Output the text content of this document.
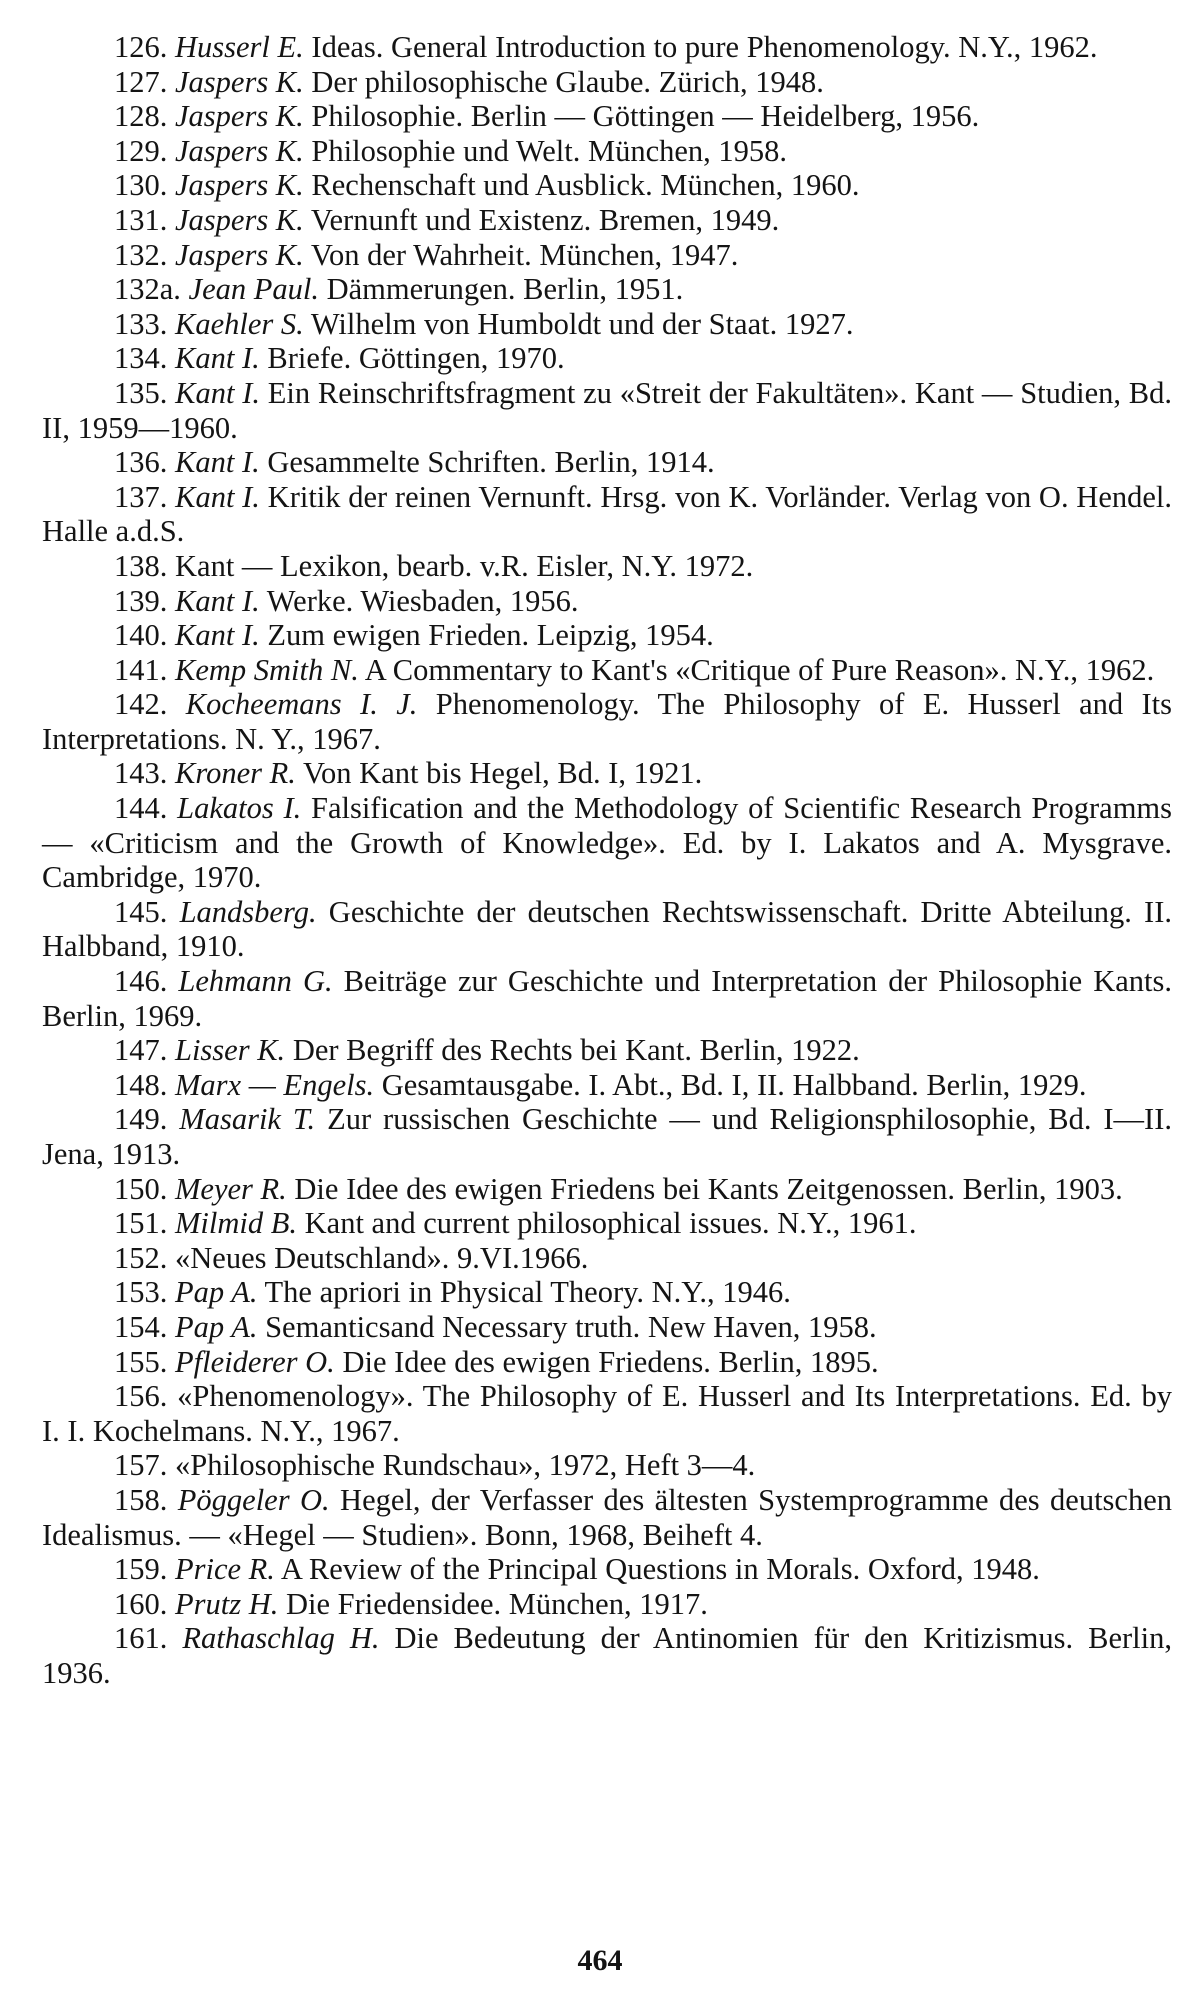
126. Husserl E. Ideas. General Introduction to pure Phenomenology. N.Y., 1962.

127. Jaspers K. Der philosophische Glaube. Zürich, 1948.

128. Jaspers K. Philosophie. Berlin — Göttingen — Heidelberg, 1956.

129. Jaspers K. Philosophie und Welt. München, 1958.

130. Jaspers K. Rechenschaft und Ausblick. München, 1960.

131. Jaspers K. Vernunft und Existenz. Bremen, 1949.

132. Jaspers K. Von der Wahrheit. München, 1947.

132a. Jean Paul. Dämmerungen. Berlin, 1951.

133. Kaehler S. Wilhelm von Humboldt und der Staat. 1927.

134. Kant I. Briefe. Göttingen, 1970.

135. Kant I. Ein Reinschriftsfragment zu «Streit der Fakultäten». Kant — Studien, Bd. II, 1959—1960.

136. Kant I. Gesammelte Schriften. Berlin, 1914.

137. Kant I. Kritik der reinen Vernunft. Hrsg. von K. Vorländer. Verlag von O. Hendel. Halle a.d.S.

138. Kant — Lexikon, bearb. v.R. Eisler, N.Y. 1972.

139. Kant I. Werke. Wiesbaden, 1956.

140. Kant I. Zum ewigen Frieden. Leipzig, 1954.

141. Kemp Smith N. A Commentary to Kant's «Critique of Pure Reason». N.Y., 1962.

142. Kocheemans I. J. Phenomenology. The Philosophy of E. Husserl and Its Interpretations. N. Y., 1967.

143. Kroner R. Von Kant bis Hegel, Bd. I, 1921.

144. Lakatos I. Falsification and the Methodology of Scientific Research Programms — «Criticism and the Growth of Knowledge». Ed. by I. Lakatos and A. Mysgrave. Cambridge, 1970.

145. Landsberg. Geschichte der deutschen Rechtswissenschaft. Dritte Abteilung. II. Halbband, 1910.

146. Lehmann G. Beiträge zur Geschichte und Interpretation der Philosophie Kants. Berlin, 1969.

147. Lisser K. Der Begriff des Rechts bei Kant. Berlin, 1922.

148. Marx — Engels. Gesamtausgabe. I. Abt., Bd. I, II. Halbband. Berlin, 1929.

149. Masarik T. Zur russischen Geschichte — und Religionsphilosophie, Bd. I—II. Jena, 1913.

150. Meyer R. Die Idee des ewigen Friedens bei Kants Zeitgenossen. Berlin, 1903.

151. Milmid B. Kant and current philosophical issues. N.Y., 1961.

152. «Neues Deutschland». 9.VI.1966.

153. Pap A. The apriori in Physical Theory. N.Y., 1946.

154. Pap A. Semanticsand Necessary truth. New Haven, 1958.

155. Pfleiderer O. Die Idee des ewigen Friedens. Berlin, 1895.

156. «Phenomenology». The Philosophy of E. Husserl and Its Interpretations. Ed. by I. I. Kochelmans. N.Y., 1967.

157. «Philosophische Rundschau», 1972, Heft 3—4.

158. Pöggeler O. Hegel, der Verfasser des ältesten Systemprogramme des deutschen Idealismus. — «Hegel — Studien». Bonn, 1968, Beiheft 4.

159. Price R. A Review of the Principal Questions in Morals. Oxford, 1948.

160. Prutz H. Die Friedensidee. München, 1917.

161. Rathaschlag H. Die Bedeutung der Antinomien für den Kritizismus. Berlin, 1936.

464
